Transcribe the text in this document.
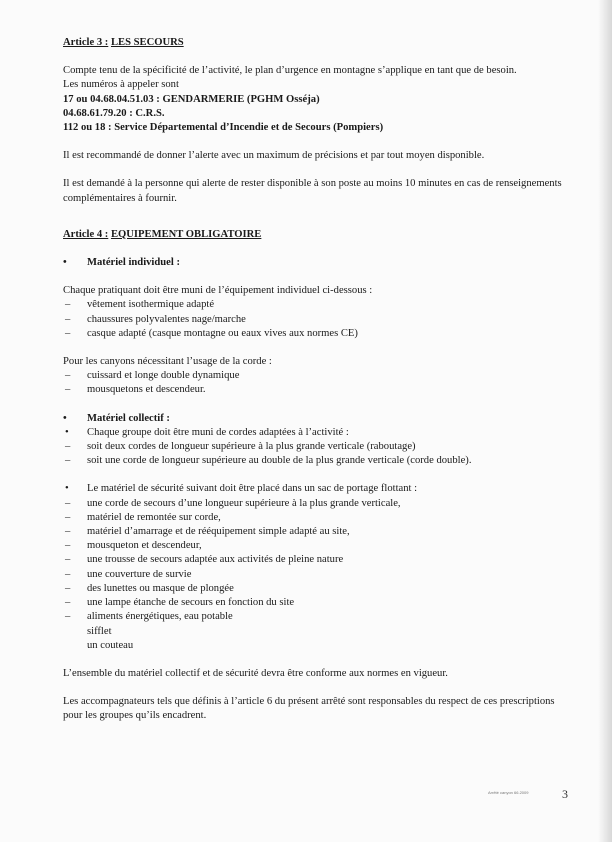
Article 3 : LES SECOURS

Compte tenu de la spécificité de l’activité, le plan d’urgence en montagne s’applique en tant que de besoin.

Les numéros à appeler sont

17 ou 04.68.04.51.03 : GENDARMERIE (PGHM Osséja)

04.68.61.79.20 : C.R.S.

112 ou 18 : Service Départemental d’Incendie et de Secours (Pompiers)

Il est recommandé de donner l’alerte avec un maximum de précisions et par tout moyen disponible.

Il est demandé à la personne qui alerte de rester disponible à son poste au moins 10 minutes en cas de renseignements complémentaires à fournir.

Article 4 : EQUIPEMENT OBLIGATOIRE

• Matériel individuel :

Chaque pratiquant doit être muni de l’équipement individuel ci-dessous :

– vêtement isothermique adapté
– chaussures polyvalentes nage/marche
– casque adapté (casque montagne ou eaux vives aux normes CE)

Pour les canyons nécessitant l’usage de la corde :

– cuissard et longe double dynamique
– mousquetons et descendeur.

• Matériel collectif :

• Chaque groupe doit être muni de cordes adaptées à l’activité :
– soit deux cordes de longueur supérieure à la plus grande verticale (raboutage)
– soit une corde de longueur supérieure au double de la plus grande verticale (corde double).
• Le matériel de sécurité suivant doit être placé dans un sac de portage flottant :
– une corde de secours d’une longueur supérieure à la plus grande verticale,
– matériel de remontée sur corde,
– matériel d’amarrage et de rééquipement simple adapté au site,
– mousqueton et descendeur,
– une trousse de secours adaptée aux activités de pleine nature
– une couverture de survie
– des lunettes ou masque de plongée
– une lampe étanche de secours en fonction du site
– aliments énergétiques, eau potable
sifflet
un couteau

L’ensemble du matériel collectif et de sécurité devra être conforme aux normes en vigueur.

Les accompagnateurs tels que définis à l’article 6 du présent arrêté sont responsables du respect de ces prescriptions pour les groupes qu’ils encadrent.

Arrêté canyon 66.2009	3
